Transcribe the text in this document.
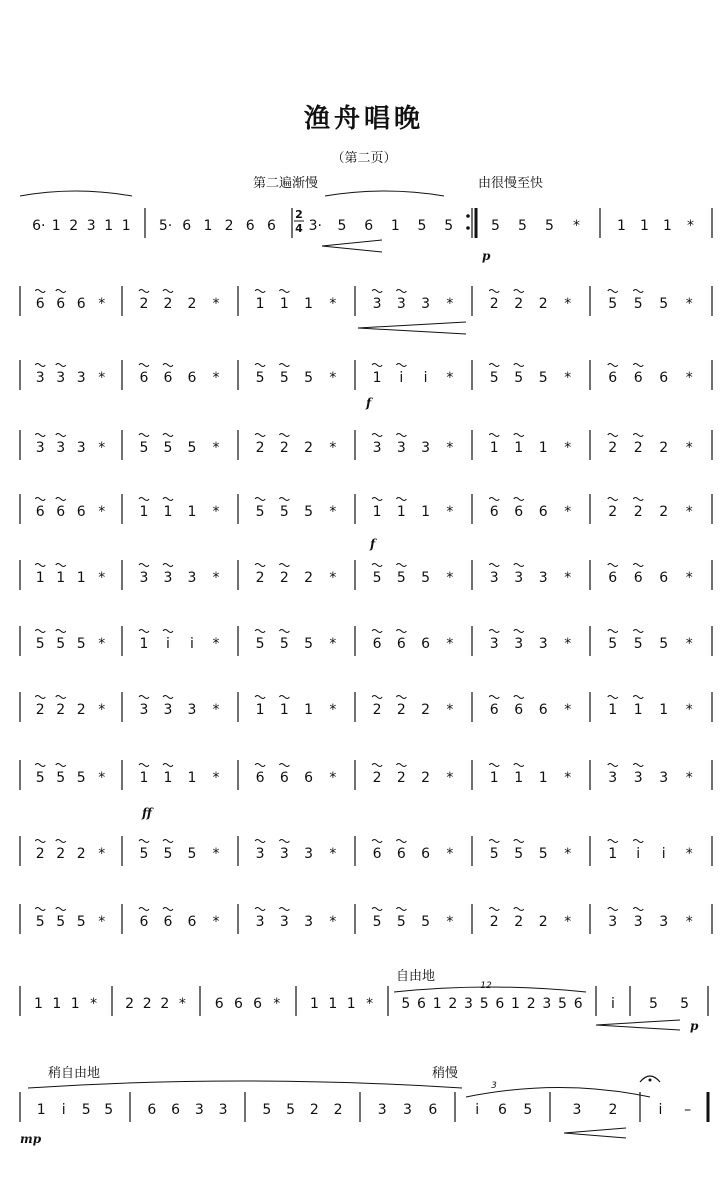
渔舟唱晚
（第二页）
第二遍渐慢	由很慢至快
自由地
稍自由地	稍慢
p
f
f
ff
p
mp
6· 1 2 3 1 1 5· 6 1 2 6 6 3· 5 6 1 5 5	5 5 5 *	1 1 1 *
6 6 6 * 2 2 2 *	1 1 1 *	3 3 3 *	2 2 2 *	5 5 5 *
3 3 3 * 6 6 6 *	5 5 5 *	1 i i *	5 5 5 *	6 6 6 *
3 3 3 * 5 5 5 *	2 2 2 *	3 3 3 *	1 1 1 *	2 2 2 *
6 6 6 * 1 1 1 *	5 5 5 *	1 1 1 *	6 6 6 *	2 2 2 *
1 1 1 * 3 3 3 *	2 2 2 *	5 5 5 *	3 3 3 *	6 6 6 *
5 5 5 * 1 i i *	5 5 5 *	6 6 6 *	3 3 3 *	5 5 5 *
2 2 2 * 3 3 3 *	1 1 1 *	2 2 2 *	6 6 6 *	1 1 1 *
5 5 5 * 1 1 1 *	6 6 6 *	2 2 2 *	1 1 1 *	3 3 3 *
2 2 2 * 5 5 5 *	3 3 3 *	6 6 6 *	5 5 5 *	1 i i *
5 5 5 * 6 6 6 *	3 3 3 *	5 5 5 *	2 2 2 *	3 3 3 *
1 1 1 * 2 2 2 * 6 6 6 * 1 1 1 * 5 6 1 2 3 5 6 1 2 3 5 6 i 5 5
1 i 5 5 6 6 3 3 5 5 2 2	3 3 6	i 6 5	3 2	i –
2
4
12
3
